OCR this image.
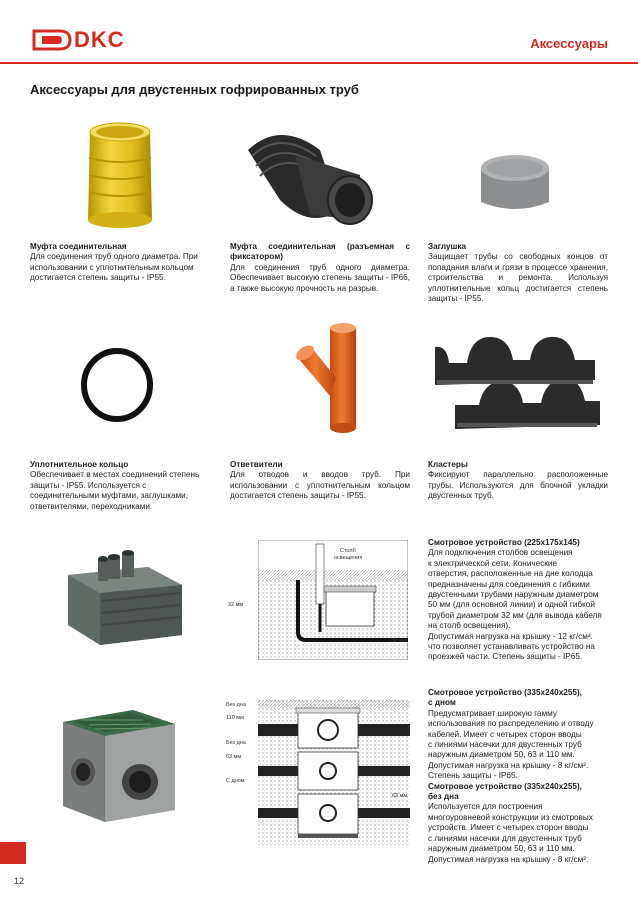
DKC	Аксессуары
Аксессуары для двустенных гофрированных труб
Муфта соединительная
Для соединения труб одного диаметра. При использовании с уплотнительным кольцом достигается степень защиты - IP55.
Муфта соединительная (разъемная с фиксатором)
Для соединения труб одного диаметра. Обеспечивает высокую степень защиты - IP66, а также высокую прочность на разрыв.
Заглушка
Защищает трубы со свободных концов от попадания влаги и грязи в процессе хранения, строительства и ремонта. Используя уплотнительные кольц достигается степень защиты - IP55.
Уплотнительное кольцо
Обеспечивает в местах соединений степень защиты - IP55. Используется с соединительными муфтами, заглушками, ответвителями, переходниками.
Ответвители
Для отводов и вводов труб. При использовании с уплотнительным кольцом достигается степень защиты - IP55.
Кластеры
Фиксируют параллельно расположенные трубы. Используются для блочной укладки двустенных труб.
Столб
освещения
32 мм
50 мм
Смотровое устройство (225x175x145)
Для подключения столбов освещения
к электрической сети. Конические
отверстия, расположенные на дне колодца
предназначены для соединения с гибкими
двустенными трубами наружным диаметром
50 мм (для основной линии) и одной гибкой
трубой диаметром 32 мм (для вывода кабеля
на столб освещения).
Допустимая нагрузка на крышку - 12 кг/см².
что позволяет устанавливать устройство на
проезжей части. Степень защиты - IP65.
Без дна
110 мм
Без дна
63 мм
С дном
63 мм
Смотровое устройство (335x240x255),
с дном
Предусматривает широкую гамму
использования по распределению и отводу
кабелей. Имеет с четырех сторон вводы
с линиями насечки для двустенных труб
наружным диаметром 50, 63 и 110 мм.
Допустимая нагрузка на крышку - 8 кг/см².
Степень защиты - IP65.
Смотровое устройство (335x240x255),
без дна
Используется для построения
многоуровневой конструкции из смотровых
устройств. Имеет с четырех сторон вводы
с линиями насечки для двустенных труб
наружным диаметром 50, 63 и 110 мм.
Допустимая нагрузка на крышку - 8 кг/см².
12
